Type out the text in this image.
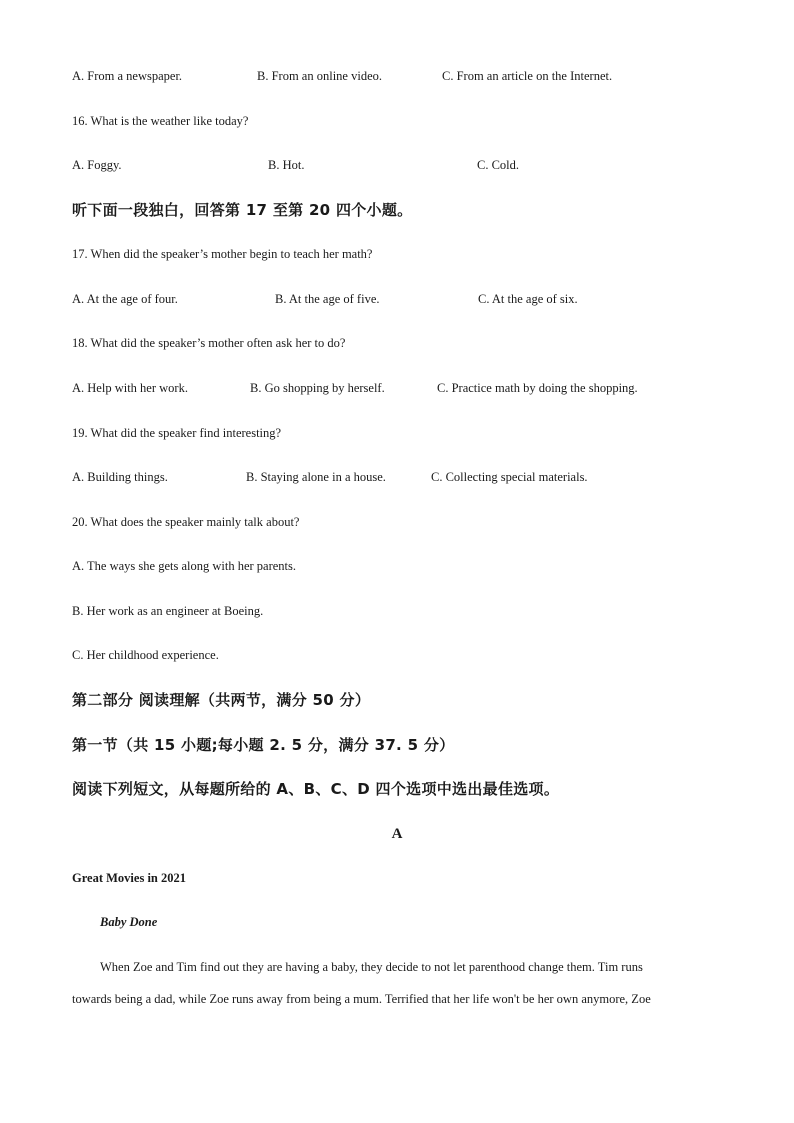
A. From a newspaper.	B. From an online video.	C. From an article on the Internet.
16. What is the weather like today?
A. Foggy.	B. Hot.	C. Cold.
听下面一段独白，回答第 17 至第 20 四个小题。
17. When did the speaker’s mother begin to teach her math?
A. At the age of four.	B. At the age of five.	C. At the age of six.
18. What did the speaker’s mother often ask her to do?
A. Help with her work.	B. Go shopping by herself.	C. Practice math by doing the shopping.
19. What did the speaker find interesting?
A. Building things.	B. Staying alone in a house.	C. Collecting special materials.
20. What does the speaker mainly talk about?
A. The ways she gets along with her parents.
B. Her work as an engineer at Boeing.
C. Her childhood experience.
第二部分 阅读理解（共两节，满分 50 分）
第一节（共 15 小题;每小题 2. 5 分，满分 37. 5 分）
阅读下列短文，从每题所给的 A、B、C、D 四个选项中选出最佳选项。
A
Great Movies in 2021
Baby Done
When Zoe and Tim find out they are having a baby, they decide to not let parenthood change them. Tim runs
towards being a dad, while Zoe runs away from being a mum. Terrified that her life won't be her own anymore, Zoe
